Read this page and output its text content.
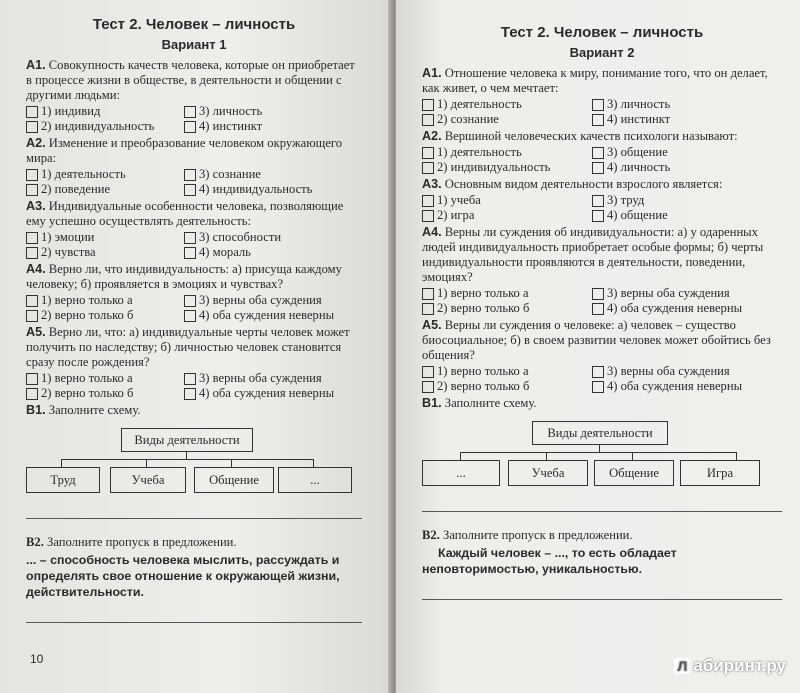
Тест 2. Человек – личность
Вариант 1
А1. Совокупность качеств человека, которые он приобретает в процессе жизни в обществе, в деятельности и общении с другими людьми:
1) индивид	3) личность
2) индивидуальность	4) инстинкт
А2. Изменение и преобразование человеком окружающего мира:
1) деятельность	3) сознание
2) поведение	4) индивидуальность
А3. Индивидуальные особенности человека, позволяющие ему успешно осуществлять деятельность:
1) эмоции	3) способности
2) чувства	4) мораль
А4. Верно ли, что индивидуальность: а) присуща каждому человеку; б) проявляется в эмоциях и чувствах?
1) верно только а	3) верны оба суждения
2) верно только б	4) оба суждения неверны
А5. Верно ли, что: а) индивидуальные черты человек может получить по наследству; б) личностью человек становится сразу после рождения?
1) верно только а	3) верны оба суждения
2) верно только б	4) оба суждения неверны
В1. Заполните схему.
Виды деятельности
Труд	Учеба	Общение	...
В2. Заполните пропуск в предложении.
... – способность человека мыслить, рассуждать и определять свое отношение к окружающей жизни, действительности.
10
Тест 2. Человек – личность
Вариант 2
А1. Отношение человека к миру, понимание того, что он делает, как живет, о чем мечтает:
1) деятельность	3) личность
2) сознание	4) инстинкт
А2. Вершиной человеческих качеств психологи называют:
1) деятельность	3) общение
2) индивидуальность	4) личность
А3. Основным видом деятельности взрослого является:
1) учеба	3) труд
2) игра	4) общение
А4. Верны ли суждения об индивидуальности: а) у одаренных людей индивидуальность приобретает особые формы; б) черты индивидуальности проявляются в деятельности, поведении, эмоциях?
1) верно только а	3) верны оба суждения
2) верно только б	4) оба суждения неверны
А5. Верны ли суждения о человеке: а) человек – существо биосоциальное; б) в своем развитии человек может обойтись без общения?
1) верно только а	3) верны оба суждения
2) верно только б	4) оба суждения неверны
В1. Заполните схему.
Виды деятельности
...	Учеба	Общение	Игра
В2. Заполните пропуск в предложении.
Каждый человек – ..., то есть обладает неповторимостью, уникальностью.
Л абиринт.ру
